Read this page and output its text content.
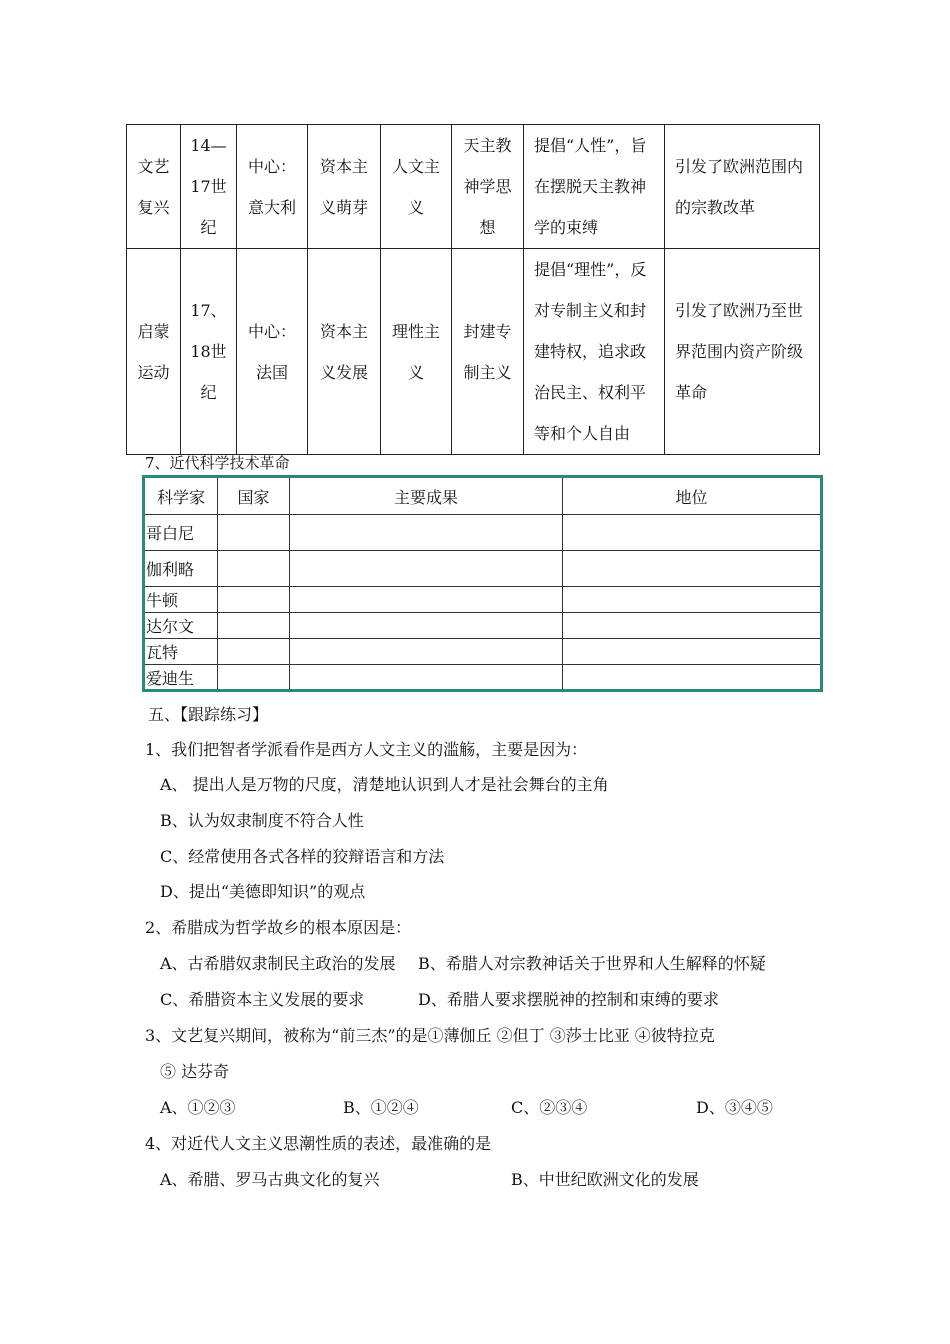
文艺复兴	14—17世纪	中心：意大利	资本主义萌芽	人文主义	天主教神学思想	提倡“人性”，旨在摆脱天主教神学的束缚	引发了欧洲范围内的宗教改革
启蒙运动	17、18世纪	中心：法国	资本主义发展	理性主义	封建专制主义	提倡“理性”，反对专制主义和封建特权，追求政治民主、权利平等和个人自由	引发了欧洲乃至世界范围内资产阶级革命
7、近代科学技术革命
科学家	国家	主要成果	地位
哥白尼			
伽利略			
牛顿			
达尔文			
瓦特			
爱迪生			
五、【跟踪练习】
1、我们把智者学派看作是西方人文主义的滥觞，主要是因为：
A、 提出人是万物的尺度，清楚地认识到人才是社会舞台的主角
B、认为奴隶制度不符合人性
C、经常使用各式各样的狡辩语言和方法
D、提出“美德即知识”的观点
2、希腊成为哲学故乡的根本原因是：
A、古希腊奴隶制民主政治的发展 B、希腊人对宗教神话关于世界和人生解释的怀疑
C、希腊资本主义发展的要求	D、希腊人要求摆脱神的控制和束缚的要求
3、文艺复兴期间，被称为“前三杰”的是①薄伽丘 ②但丁 ③莎士比亚 ④彼特拉克
⑤ 达芬奇
A、①②③	B、①②④	C、②③④	D、③④⑤
4、对近代人文主义思潮性质的表述，最准确的是
A、希腊、罗马古典文化的复兴	B、中世纪欧洲文化的发展
